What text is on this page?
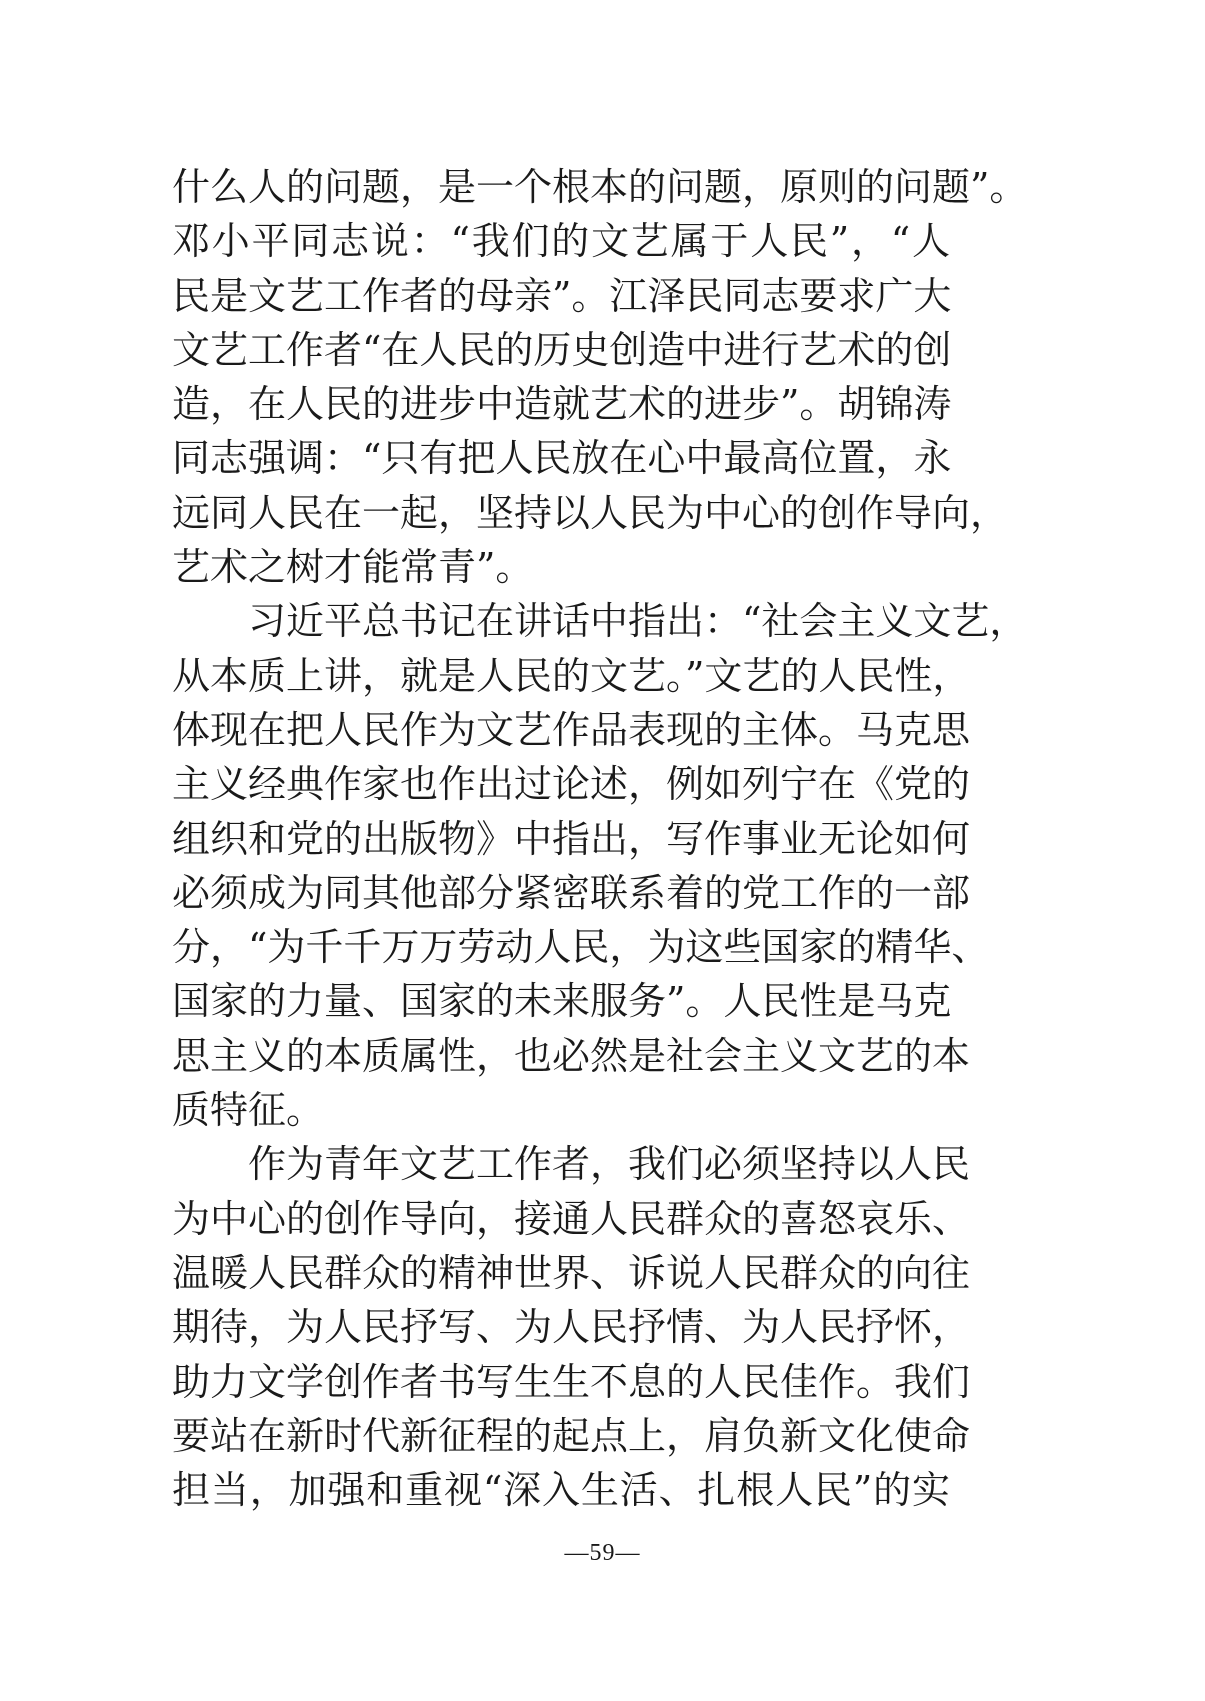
什么人的问题，是一个根本的问题，原则的问题”。
邓小平同志说：“我们的文艺属于人民”，“人
民是文艺工作者的母亲”。江泽民同志要求广大
文艺工作者“在人民的历史创造中进行艺术的创
造，在人民的进步中造就艺术的进步”。胡锦涛
同志强调：“只有把人民放在心中最高位置，永
远同人民在一起，坚持以人民为中心的创作导向，
艺术之树才能常青”。
习近平总书记在讲话中指出：“社会主义文艺，
从本质上讲，就是人民的文艺。”文艺的人民性，
体现在把人民作为文艺作品表现的主体。马克思
主义经典作家也作出过论述，例如列宁在《党的
组织和党的出版物》中指出，写作事业无论如何
必须成为同其他部分紧密联系着的党工作的一部
分，“为千千万万劳动人民，为这些国家的精华、
国家的力量、国家的未来服务”。人民性是马克
思主义的本质属性，也必然是社会主义文艺的本
质特征。
作为青年文艺工作者，我们必须坚持以人民
为中心的创作导向，接通人民群众的喜怒哀乐、
温暖人民群众的精神世界、诉说人民群众的向往
期待，为人民抒写、为人民抒情、为人民抒怀，
助力文学创作者书写生生不息的人民佳作。我们
要站在新时代新征程的起点上，肩负新文化使命
担当，加强和重视“深入生活、扎根人民”的实
—59—
